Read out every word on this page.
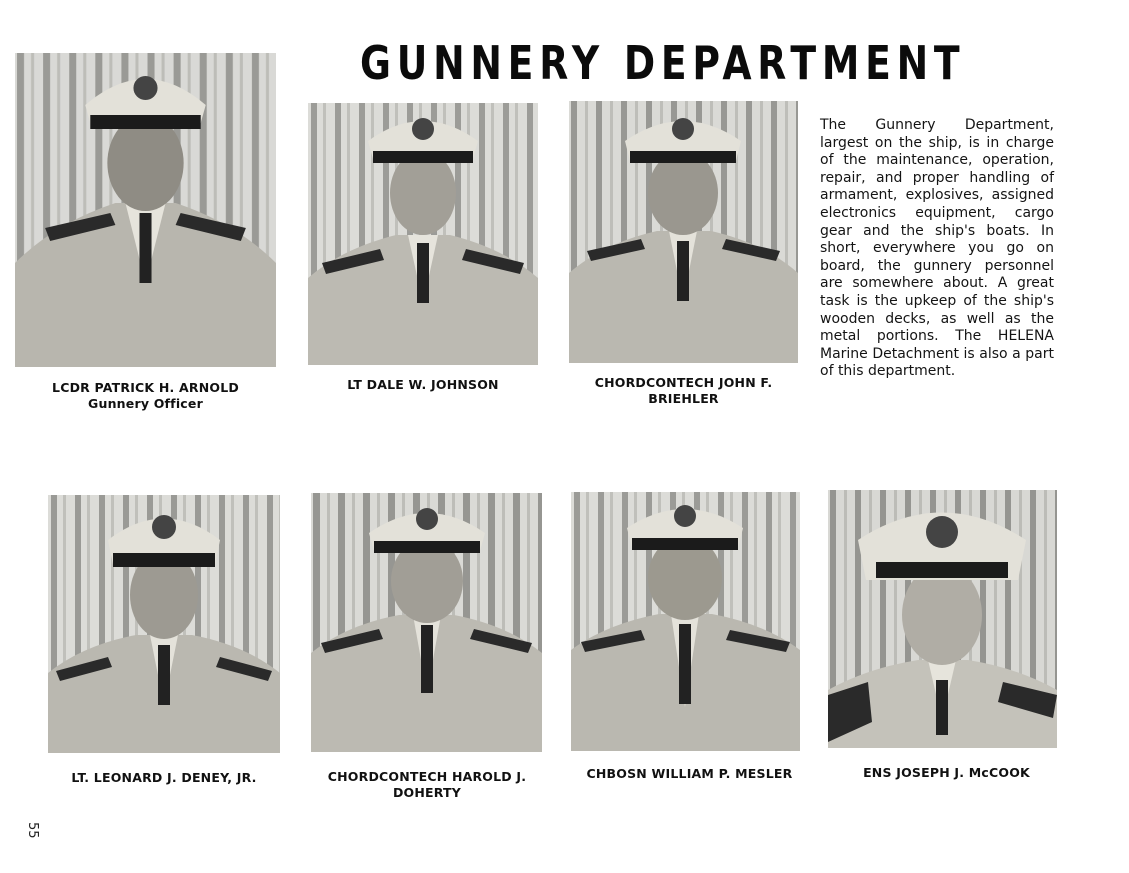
GUNNERY DEPARTMENT
LCDR PATRICK H. ARNOLD
Gunnery Officer
LT DALE W. JOHNSON	CHORDCONTECH JOHN F. BRIEHLER
The Gunnery Department, largest on the ship, is in charge of the maintenance, operation, repair, and proper handling of armament, explosives, assigned electronics equipment, cargo gear and the ship's boats. In short, everywhere you go on board, the gunnery personnel are somewhere about. A great task is the upkeep of the ship's wooden decks, as well as the metal portions. The HELENA Marine Detachment is also a part of this department.
LT. LEONARD J. DENEY, JR.	CHORDCONTECH HAROLD J. DOHERTY
CHBOSN WILLIAM P. MESLER	ENS JOSEPH J. McCOOK
55
